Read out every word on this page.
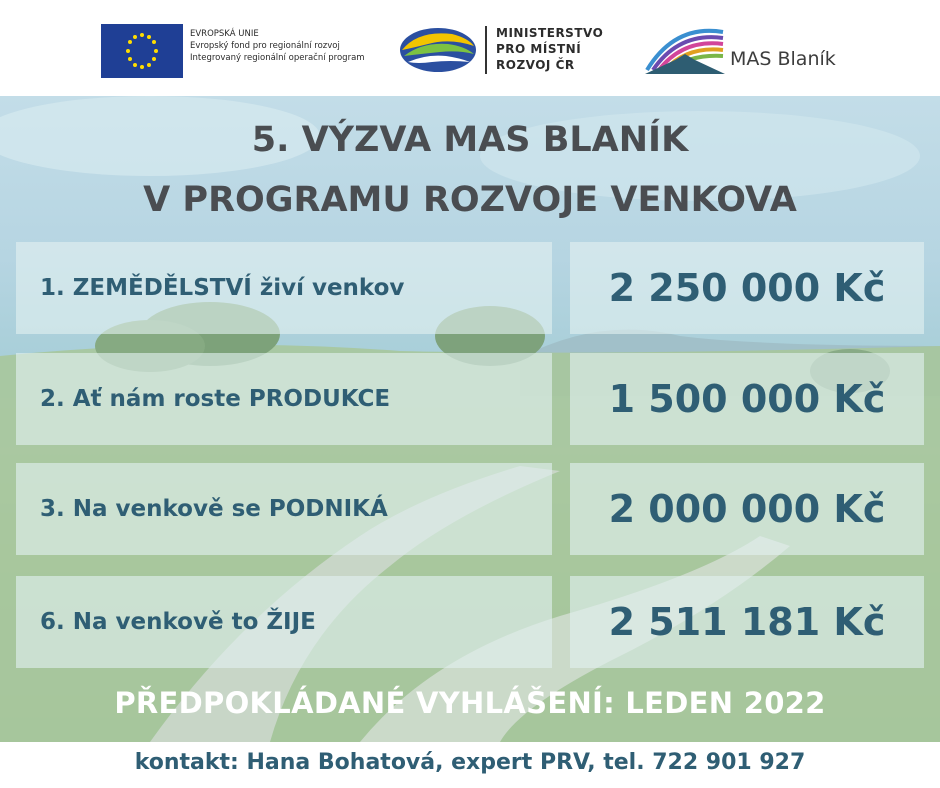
EVROPSKÁ UNIE
Evropský fond pro regionální rozvoj
Integrovaný regionální operační program
MINISTERSTVO
PRO MÍSTNÍ
ROZVOJ ČR	MAS Blaník
5. VÝZVA MAS BLANÍK
V PROGRAMU ROZVOJE VENKOVA
1. ZEMĚDĚLSTVÍ živí venkov	2 250 000 Kč
2. Ať nám roste PRODUKCE	1 500 000 Kč
3. Na venkově se PODNIKÁ	2 000 000 Kč
6. Na venkově to ŽIJE	2 511 181 Kč
PŘEDPOKLÁDANÉ VYHLÁŠENÍ: LEDEN 2022
kontakt: Hana Bohatová, expert PRV, tel. 722 901 927
